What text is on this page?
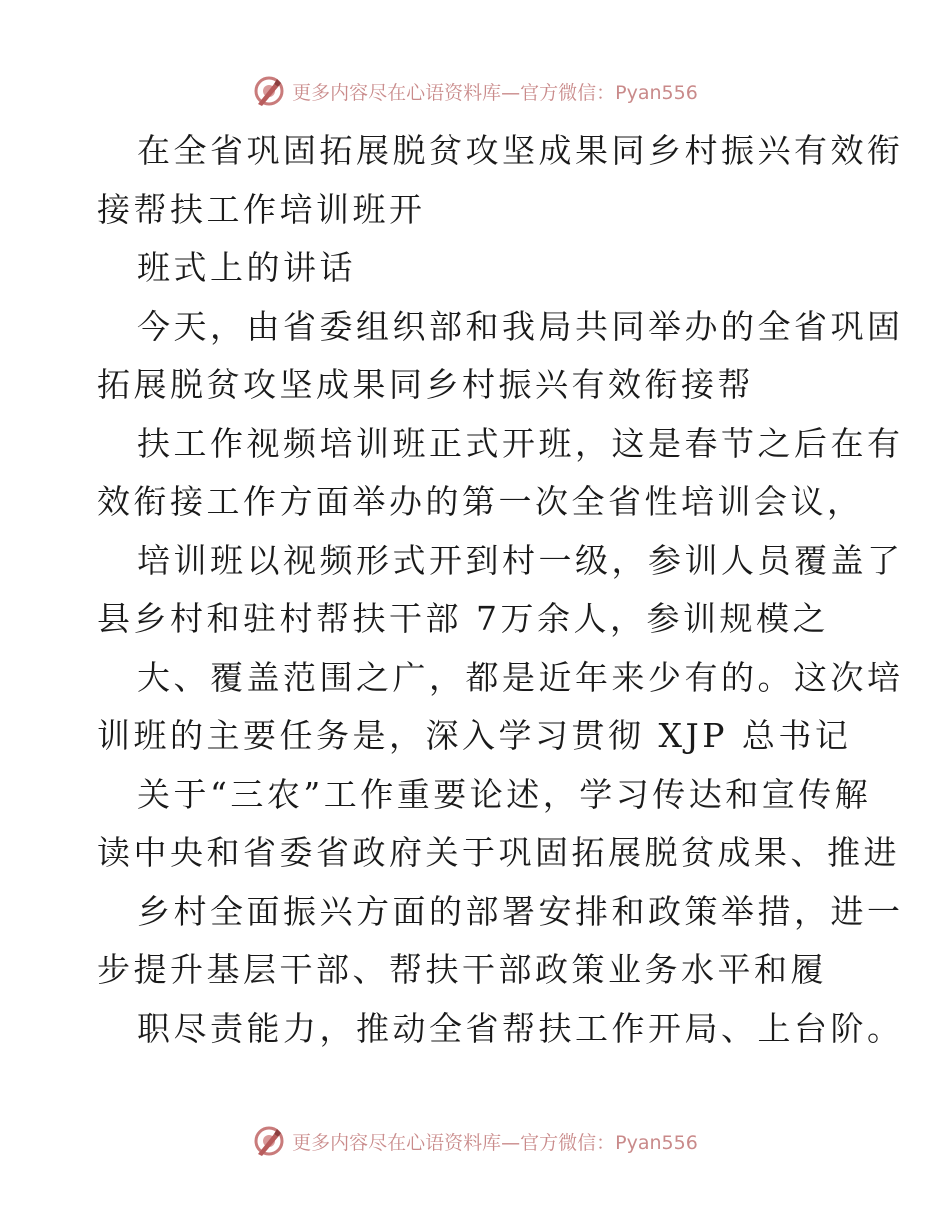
更多内容尽在心语资料库—官方微信：Pyan556
在全省巩固拓展脱贫攻坚成果同乡村振兴有效衔
接帮扶工作培训班开
班式上的讲话
今天，由省委组织部和我局共同举办的全省巩固
拓展脱贫攻坚成果同乡村振兴有效衔接帮
扶工作视频培训班正式开班，这是春节之后在有
效衔接工作方面举办的第一次全省性培训会议，
培训班以视频形式开到村一级，参训人员覆盖了
县乡村和驻村帮扶干部 7万余人，参训规模之
大、覆盖范围之广，都是近年来少有的。这次培
训班的主要任务是，深入学习贯彻 XJP 总书记
关于“三农”工作重要论述，学习传达和宣传解
读中央和省委省政府关于巩固拓展脱贫成果、推进
乡村全面振兴方面的部署安排和政策举措，进一
步提升基层干部、帮扶干部政策业务水平和履
职尽责能力，推动全省帮扶工作开局、上台阶。
更多内容尽在心语资料库—官方微信：Pyan556
